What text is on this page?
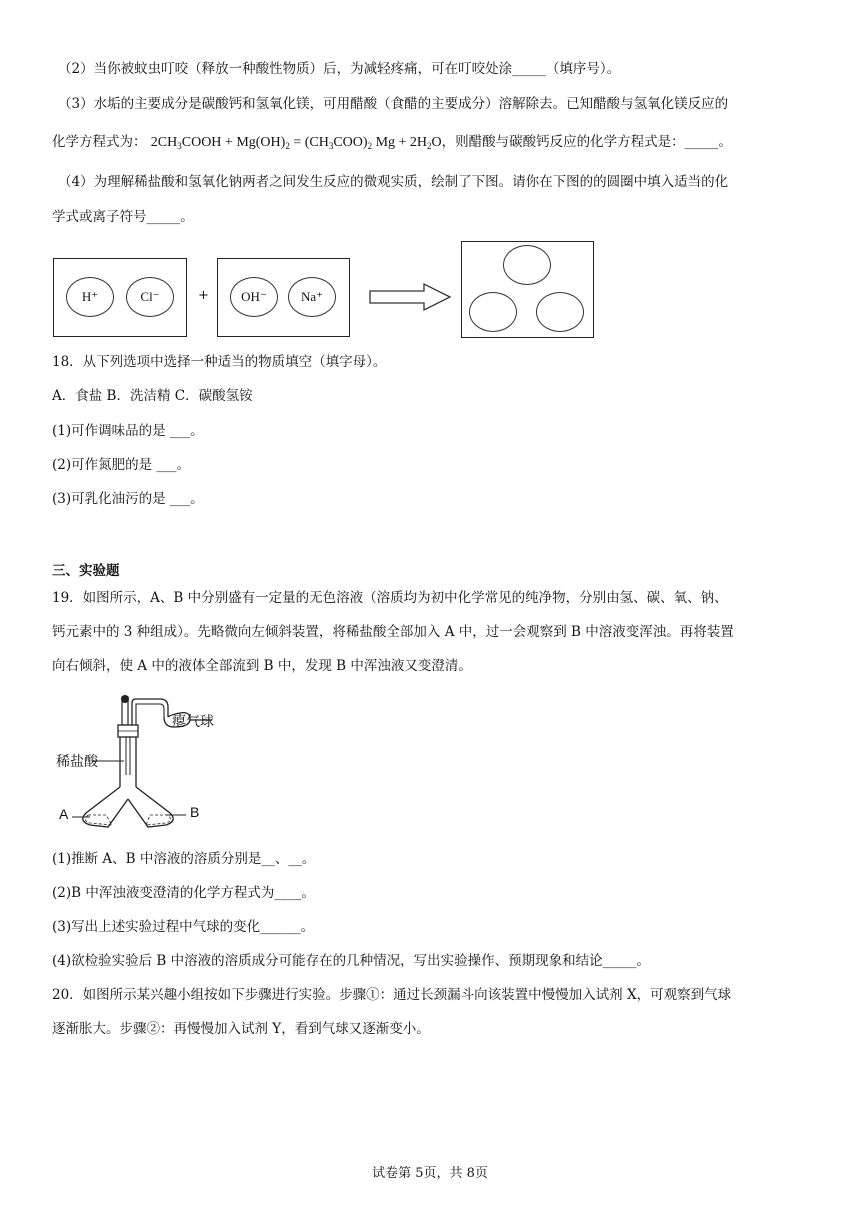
（2）当你被蚊虫叮咬（释放一种酸性物质）后，为减轻疼痛，可在叮咬处涂_____（填序号）。
（3）水垢的主要成分是碳酸钙和氢氧化镁，可用醋酸（食醋的主要成分）溶解除去。已知醋酸与氢氧化镁反应的
化学方程式为： $2CH_3COOH + Mg(OH)_2 = (CH_3COO)_2$ $Mg + 2H_2O$，则醋酸与碳酸钙反应的化学方程式是：_____。
（4）为理解稀盐酸和氢氧化钠两者之间发生反应的微观实质，绘制了下图。请你在下图的的圆圈中填入适当的化
学式或离子符号_____。
H⁺	Cl⁻	+	OH⁻	Na⁺
18．从下列选项中选择一种适当的物质填空（填字母）。
A．食盐 B．洗洁精 C．碳酸氢铵
(1)可作调味品的是 ___。
(2)可作氮肥的是 ___。
(3)可乳化油污的是 ___。
三、实验题
19．如图所示，A、B 中分别盛有一定量的无色溶液（溶质均为初中化学常见的纯净物，分别由氢、碳、氧、钠、
钙元素中的 3 种组成）。先略微向左倾斜装置，将稀盐酸全部加入 A 中，过一会观察到 B 中溶液变浑浊。再将装置
向右倾斜，使 A 中的液体全部流到 B 中，发现 B 中浑浊液又变澄清。
瘪气球
稀盐酸
A	B
(1)推断 A、B 中溶液的溶质分别是__、__。
(2)B 中浑浊液变澄清的化学方程式为____。
(3)写出上述实验过程中气球的变化______。
(4)欲检验实验后 B 中溶液的溶质成分可能存在的几种情况，写出实验操作、预期现象和结论_____。
20．如图所示某兴趣小组按如下步骤进行实验。步骤①：通过长颈漏斗向该装置中慢慢加入试剂 X，可观察到气球
逐渐胀大。步骤②：再慢慢加入试剂 Y，看到气球又逐渐变小。
试卷第 5页，共 8页
